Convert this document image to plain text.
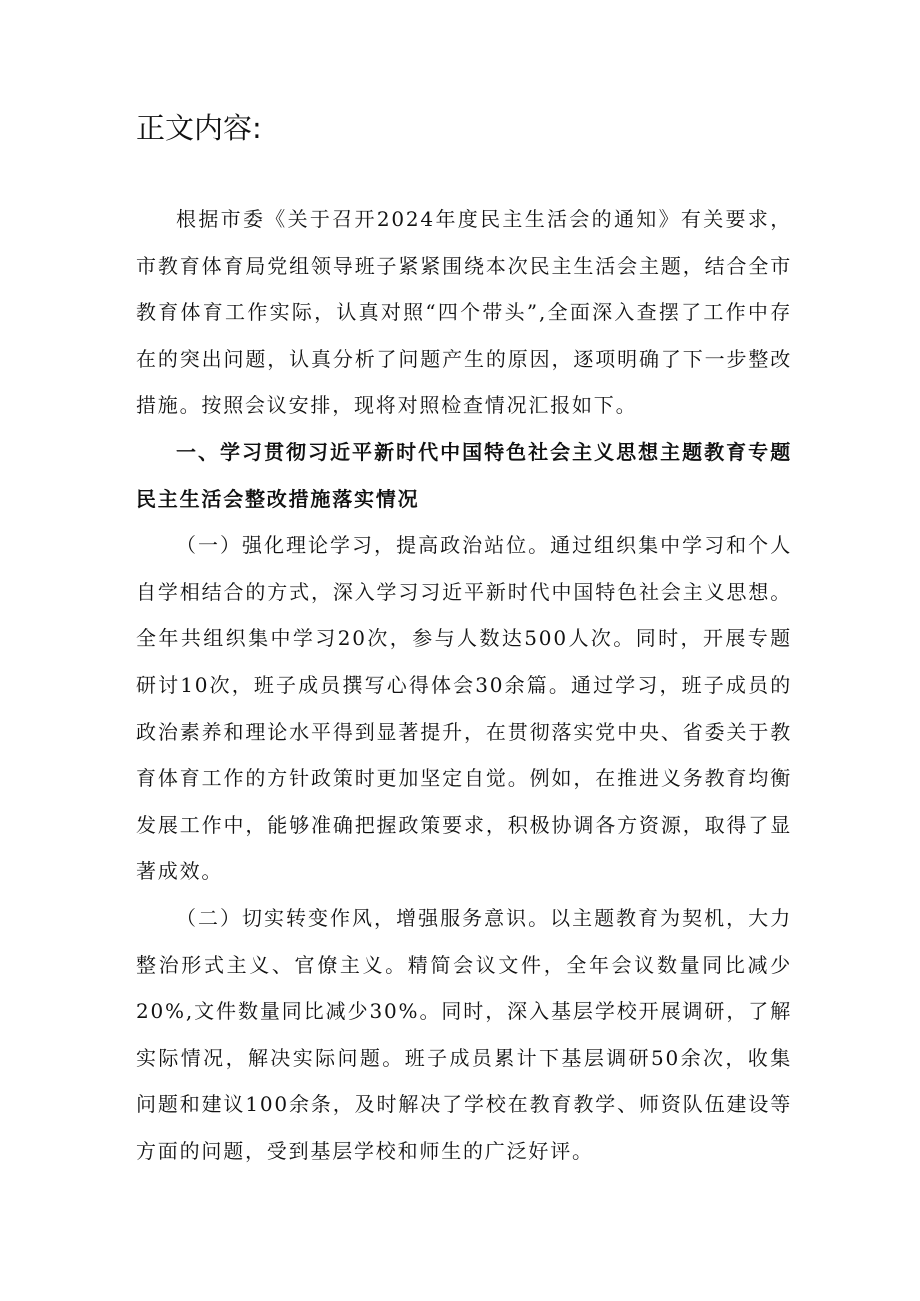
正文内容:

根据市委《关于召开2024年度民主生活会的通知》有关要求，市教育体育局党组领导班子紧紧围绕本次民主生活会主题，结合全市教育体育工作实际，认真对照“四个带头”,全面深入查摆了工作中存在的突出问题，认真分析了问题产生的原因，逐项明确了下一步整改措施。按照会议安排，现将对照检查情况汇报如下。

一、学习贯彻习近平新时代中国特色社会主义思想主题教育专题民主生活会整改措施落实情况

（一）强化理论学习，提高政治站位。通过组织集中学习和个人自学相结合的方式，深入学习习近平新时代中国特色社会主义思想。全年共组织集中学习20次，参与人数达500人次。同时，开展专题研讨10次，班子成员撰写心得体会30余篇。通过学习，班子成员的政治素养和理论水平得到显著提升，在贯彻落实党中央、省委关于教育体育工作的方针政策时更加坚定自觉。例如，在推进义务教育均衡发展工作中，能够准确把握政策要求，积极协调各方资源，取得了显著成效。

（二）切实转变作风，增强服务意识。以主题教育为契机，大力整治形式主义、官僚主义。精简会议文件，全年会议数量同比减少20%,文件数量同比减少30%。同时，深入基层学校开展调研，了解实际情况，解决实际问题。班子成员累计下基层调研50余次，收集问题和建议100余条，及时解决了学校在教育教学、师资队伍建设等方面的问题，受到基层学校和师生的广泛好评。
